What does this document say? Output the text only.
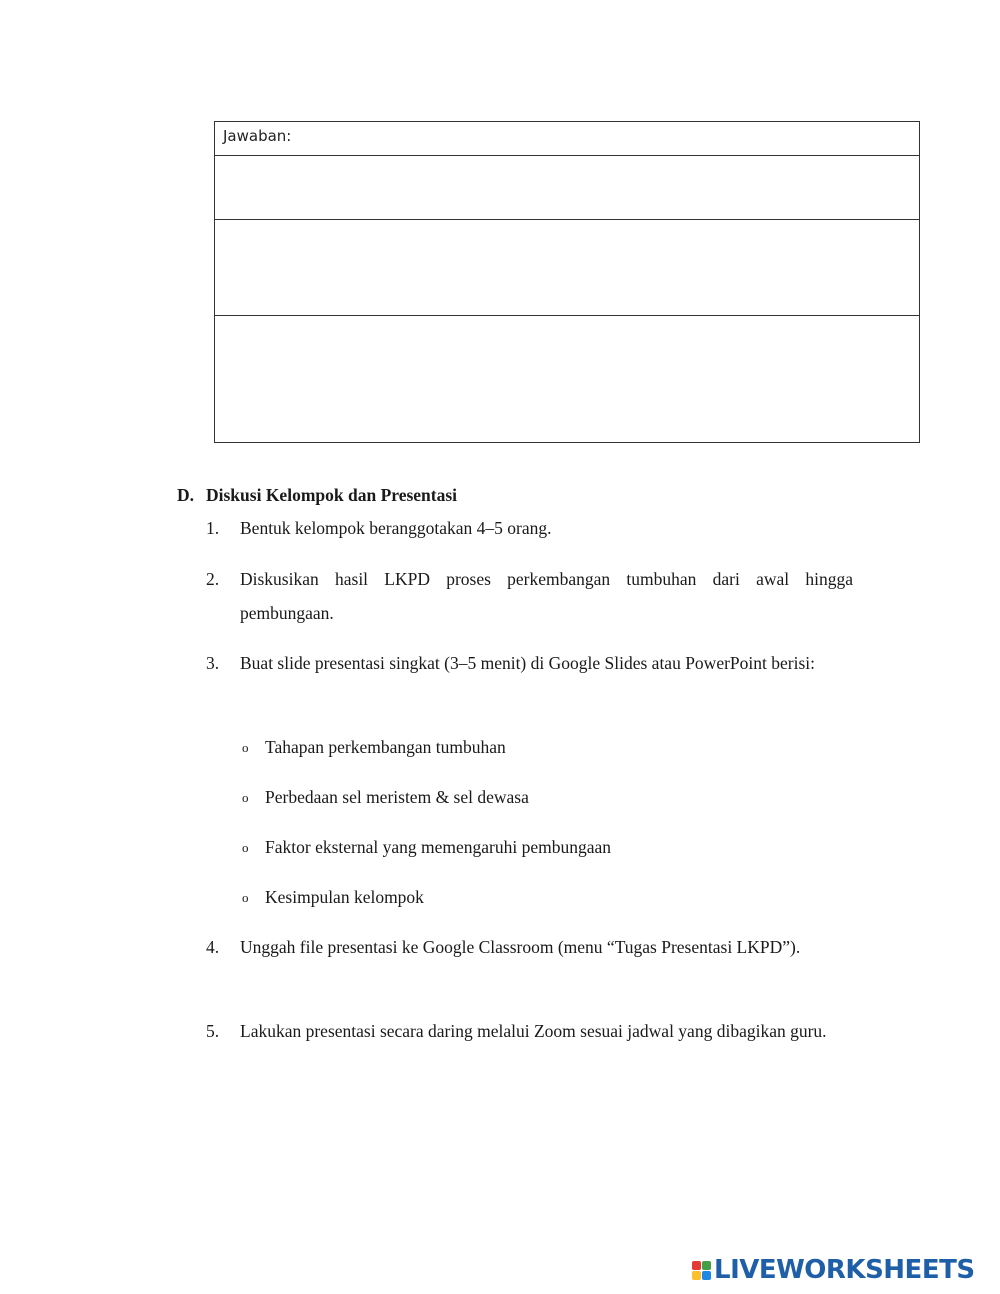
Jawaban:

D. Diskusi Kelompok dan Presentasi
1. Bentuk kelompok beranggotakan 4–5 orang.
2. Diskusikan hasil LKPD proses perkembangan tumbuhan dari awal hingga pembungaan.
3. Buat slide presentasi singkat (3–5 menit) di Google Slides atau PowerPoint berisi:
o Tahapan perkembangan tumbuhan
o Perbedaan sel meristem & sel dewasa
o Faktor eksternal yang memengaruhi pembungaan
o Kesimpulan kelompok
4. Unggah file presentasi ke Google Classroom (menu “Tugas Presentasi LKPD”).
5. Lakukan presentasi secara daring melalui Zoom sesuai jadwal yang dibagikan guru.
LIVEWORKSHEETS
